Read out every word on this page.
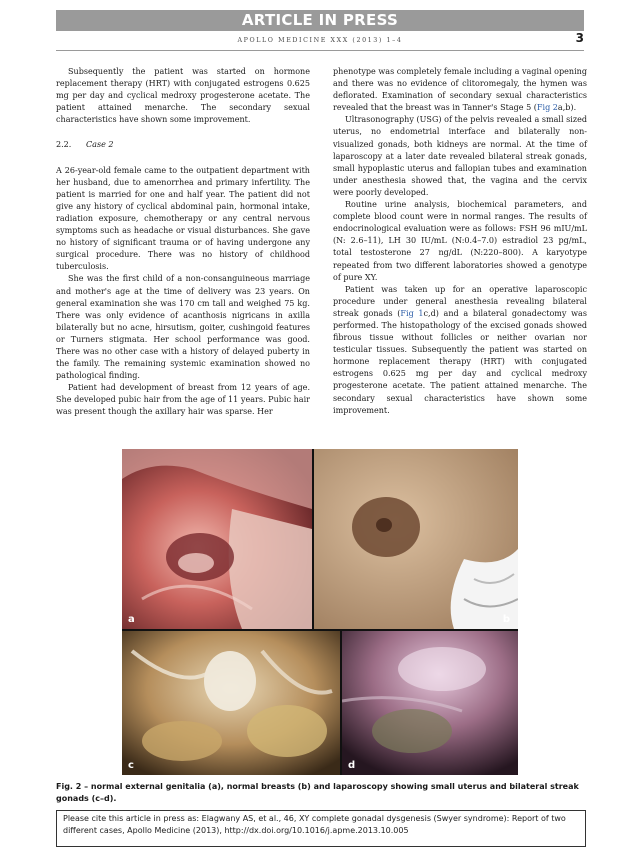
ARTICLE IN PRESS
APOLLO MEDICINE XXX (2013) 1–4	3

Subsequently the patient was started on hormone replacement therapy (HRT) with conjugated estrogens 0.625 mg per day and cyclical medroxy progesterone acetate. The patient attained menarche. The secondary sexual characteristics have shown some improvement.

2.2. Case 2

A 26-year-old female came to the outpatient department with her husband, due to amenorrhea and primary infertility. The patient is married for one and half year. The patient did not give any history of cyclical abdominal pain, hormonal intake, radiation exposure, chemotherapy or any central nervous symptoms such as headache or visual disturbances. She gave no history of significant trauma or of having undergone any surgical procedure. There was no history of childhood tuberculosis.

She was the first child of a non-consanguineous marriage and mother's age at the time of delivery was 23 years. On general examination she was 170 cm tall and weighed 75 kg. There was only evidence of acanthosis nigricans in axilla bilaterally but no acne, hirsutism, goiter, cushingoid features or Turners stigmata. Her school performance was good. There was no other case with a history of delayed puberty in the family. The remaining systemic examination showed no pathological finding.

Patient had development of breast from 12 years of age. She developed pubic hair from the age of 11 years. Pubic hair was present though the axillary hair was sparse. Her

phenotype was completely female including a vaginal opening and there was no evidence of clitoromegaly, the hymen was deflorated. Examination of secondary sexual characteristics revealed that the breast was in Tanner's Stage 5 (Fig 2a,b).

Ultrasonography (USG) of the pelvis revealed a small sized uterus, no endometrial interface and bilaterally non-visualized gonads, both kidneys are normal. At the time of laparoscopy at a later date revealed bilateral streak gonads, small hypoplastic uterus and fallopian tubes and examination under anesthesia showed that, the vagina and the cervix were poorly developed.

Routine urine analysis, biochemical parameters, and complete blood count were in normal ranges. The results of endocrinological evaluation were as follows: FSH 96 mIU/mL (N: 2.6–11), LH 30 IU/mL (N:0.4–7.0) estradiol 23 pg/mL, total testosterone 27 ng/dL (N:220–800). A karyotype repeated from two different laboratories showed a genotype of pure XY.

Patient was taken up for an operative laparoscopic procedure under general anesthesia revealing bilateral streak gonads (Fig 1c,d) and a bilateral gonadectomy was performed. The histopathology of the excised gonads showed fibrous tissue without follicles or neither ovarian nor testicular tissues. Subsequently the patient was started on hormone replacement therapy (HRT) with conjugated estrogens 0.625 mg per day and cyclical medroxy progesterone acetate. The patient attained menarche. The secondary sexual characteristics have shown some improvement.

a	b
c	d
Fig. 2 – normal external genitalia (a), normal breasts (b) and laparoscopy showing small uterus and bilateral streak gonads (c–d).
Please cite this article in press as: Elagwany AS, et al., 46, XY complete gonadal dysgenesis (Swyer syndrome): Report of two different cases, Apollo Medicine (2013), http://dx.doi.org/10.1016/j.apme.2013.10.005
